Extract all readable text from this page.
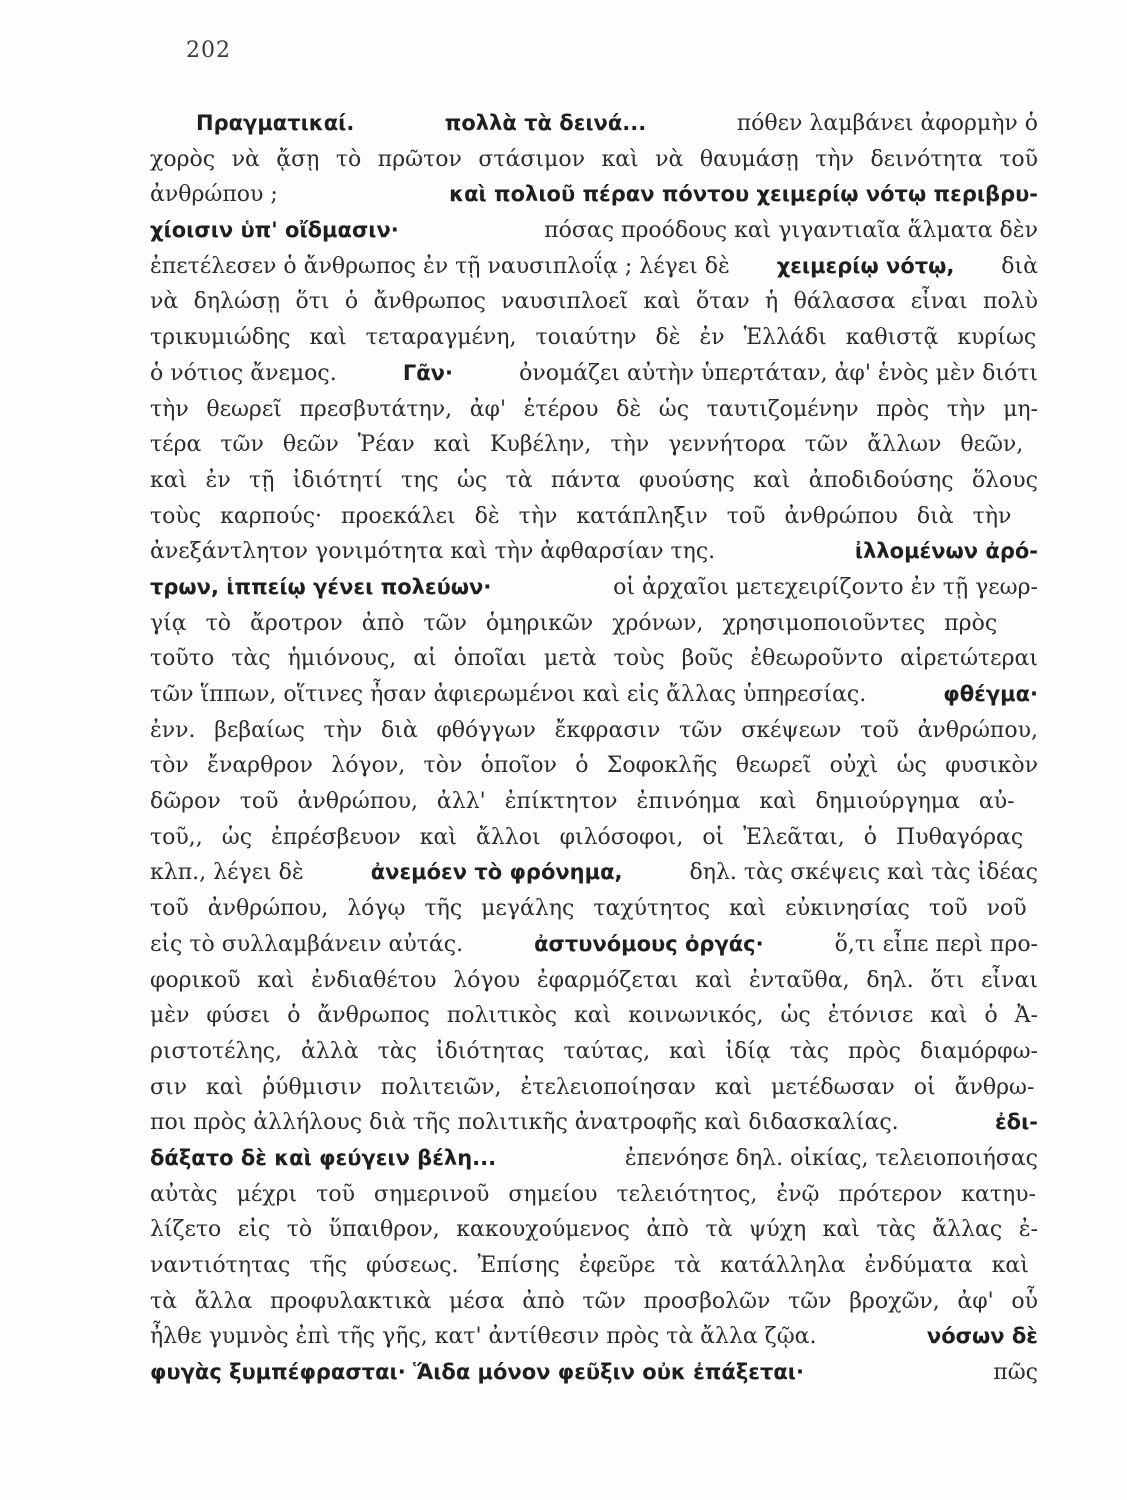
202
Πραγματικαί.	πολλὰ τὰ δεινά...	πόθεν λαμβάνει ἀφορμὴν ὁ
χορὸς νὰ ᾄσῃ τὸ πρῶτον στάσιμον καὶ νὰ θαυμάσῃ τὴν δεινότητα τοῦ
ἀνθρώπου ;	καὶ πολιοῦ πέραν πόντου χειμερίῳ νότῳ περιβρυ-
χίοισιν ὑπ' οἴδμασιν·	πόσας προόδους καὶ γιγαντιαῖα ἅλματα δὲν
ἐπετέλεσεν ὁ ἄνθρωπος ἐν τῇ ναυσιπλοΐᾳ ; λέγει δὲ χειμερίῳ νότῳ, διὰ
νὰ δηλώσῃ ὅτι ὁ ἄνθρωπος ναυσιπλοεῖ καὶ ὅταν ἡ θάλασσα εἶναι πολὺ
τρικυμιώδης καὶ τεταραγμένη, τοιαύτην δὲ ἐν Ἑλλάδι καθιστᾷ κυρίως
ὁ νότιος ἄνεμος.	Γᾶν·	ὀνομάζει αὐτὴν ὑπερτάταν, ἀφ' ἑνὸς μὲν διότι
τὴν θεωρεῖ πρεσβυτάτην, ἀφ' ἑτέρου δὲ ὡς ταυτιζομένην πρὸς τὴν μη-
τέρα τῶν θεῶν Ῥέαν καὶ Κυβέλην, τὴν γεννήτορα τῶν ἄλλων θεῶν,
καὶ ἐν τῇ ἰδιότητί της ὡς τὰ πάντα φυούσης καὶ ἀποδιδούσης ὅλους
τοὺς καρπούς· προεκάλει δὲ τὴν κατάπληξιν τοῦ ἀνθρώπου διὰ τὴν
ἀνεξάντλητον γονιμότητα καὶ τὴν ἀφθαρσίαν της.	ἰλλομένων ἀρό-
τρων, ἱππείῳ γένει πολεύων·	οἱ ἀρχαῖοι μετεχειρίζοντο ἐν τῇ γεωρ-
γίᾳ τὸ ἄροτρον ἀπὸ τῶν ὁμηρικῶν χρόνων, χρησιμοποιοῦντες πρὸς
τοῦτο τὰς ἡμιόνους, αἱ ὁποῖαι μετὰ τοὺς βοῦς ἐθεωροῦντο αἱρετώτεραι
τῶν ἵππων, οἵτινες ἦσαν ἀφιερωμένοι καὶ εἰς ἄλλας ὑπηρεσίας.	φθέγμα·
ἐνν. βεβαίως τὴν διὰ φθόγγων ἔκφρασιν τῶν σκέψεων τοῦ ἀνθρώπου,
τὸν ἔναρθρον λόγον, τὸν ὁποῖον ὁ Σοφοκλῆς θεωρεῖ οὐχὶ ὡς φυσικὸν
δῶρον τοῦ ἀνθρώπου, ἀλλ' ἐπίκτητον ἐπινόημα καὶ δημιούργημα αὐ-
τοῦ,, ὡς ἐπρέσβευον καὶ ἄλλοι φιλόσοφοι, οἱ Ἐλεᾶται, ὁ Πυθαγόρας
κλπ., λέγει δὲ	ἀνεμόεν τὸ φρόνημα,	δηλ. τὰς σκέψεις καὶ τὰς ἰδέας
τοῦ ἀνθρώπου, λόγῳ τῆς μεγάλης ταχύτητος καὶ εὐκινησίας τοῦ νοῦ
εἰς τὸ συλλαμβάνειν αὐτάς.	ἀστυνόμους ὀργάς·	ὅ,τι εἶπε περὶ προ-
φορικοῦ καὶ ἐνδιαθέτου λόγου ἐφαρμόζεται καὶ ἐνταῦθα, δηλ. ὅτι εἶναι
μὲν φύσει ὁ ἄνθρωπος πολιτικὸς καὶ κοινωνικός, ὡς ἐτόνισε καὶ ὁ Ἀ-
ριστοτέλης, ἀλλὰ τὰς ἰδιότητας ταύτας, καὶ ἰδίᾳ τὰς πρὸς διαμόρφω-
σιν καὶ ῥύθμισιν πολιτειῶν, ἐτελειοποίησαν καὶ μετέδωσαν οἱ ἄνθρω-
ποι πρὸς ἀλλήλους διὰ τῆς πολιτικῆς ἀνατροφῆς καὶ διδασκαλίας.	ἐδι-
δάξατο δὲ καὶ φεύγειν βέλη...	ἐπενόησε δηλ. οἰκίας, τελειοποιήσας
αὐτὰς μέχρι τοῦ σημερινοῦ σημείου τελειότητος, ἐνῷ πρότερον κατηυ-
λίζετο εἰς τὸ ὕπαιθρον, κακουχούμενος ἀπὸ τὰ ψύχη καὶ τὰς ἄλλας ἐ-
ναντιότητας τῆς φύσεως. Ἐπίσης ἐφεῦρε τὰ κατάλληλα ἐνδύματα καὶ
τὰ ἄλλα προφυλακτικὰ μέσα ἀπὸ τῶν προσβολῶν τῶν βροχῶν, ἀφ' οὗ
ἦλθε γυμνὸς ἐπὶ τῆς γῆς, κατ' ἀντίθεσιν πρὸς τὰ ἄλλα ζῷα.	νόσων δὲ
φυγὰς ξυμπέφρασται· Ἅιδα μόνον φεῦξιν οὐκ ἐπάξεται·	πῶς
